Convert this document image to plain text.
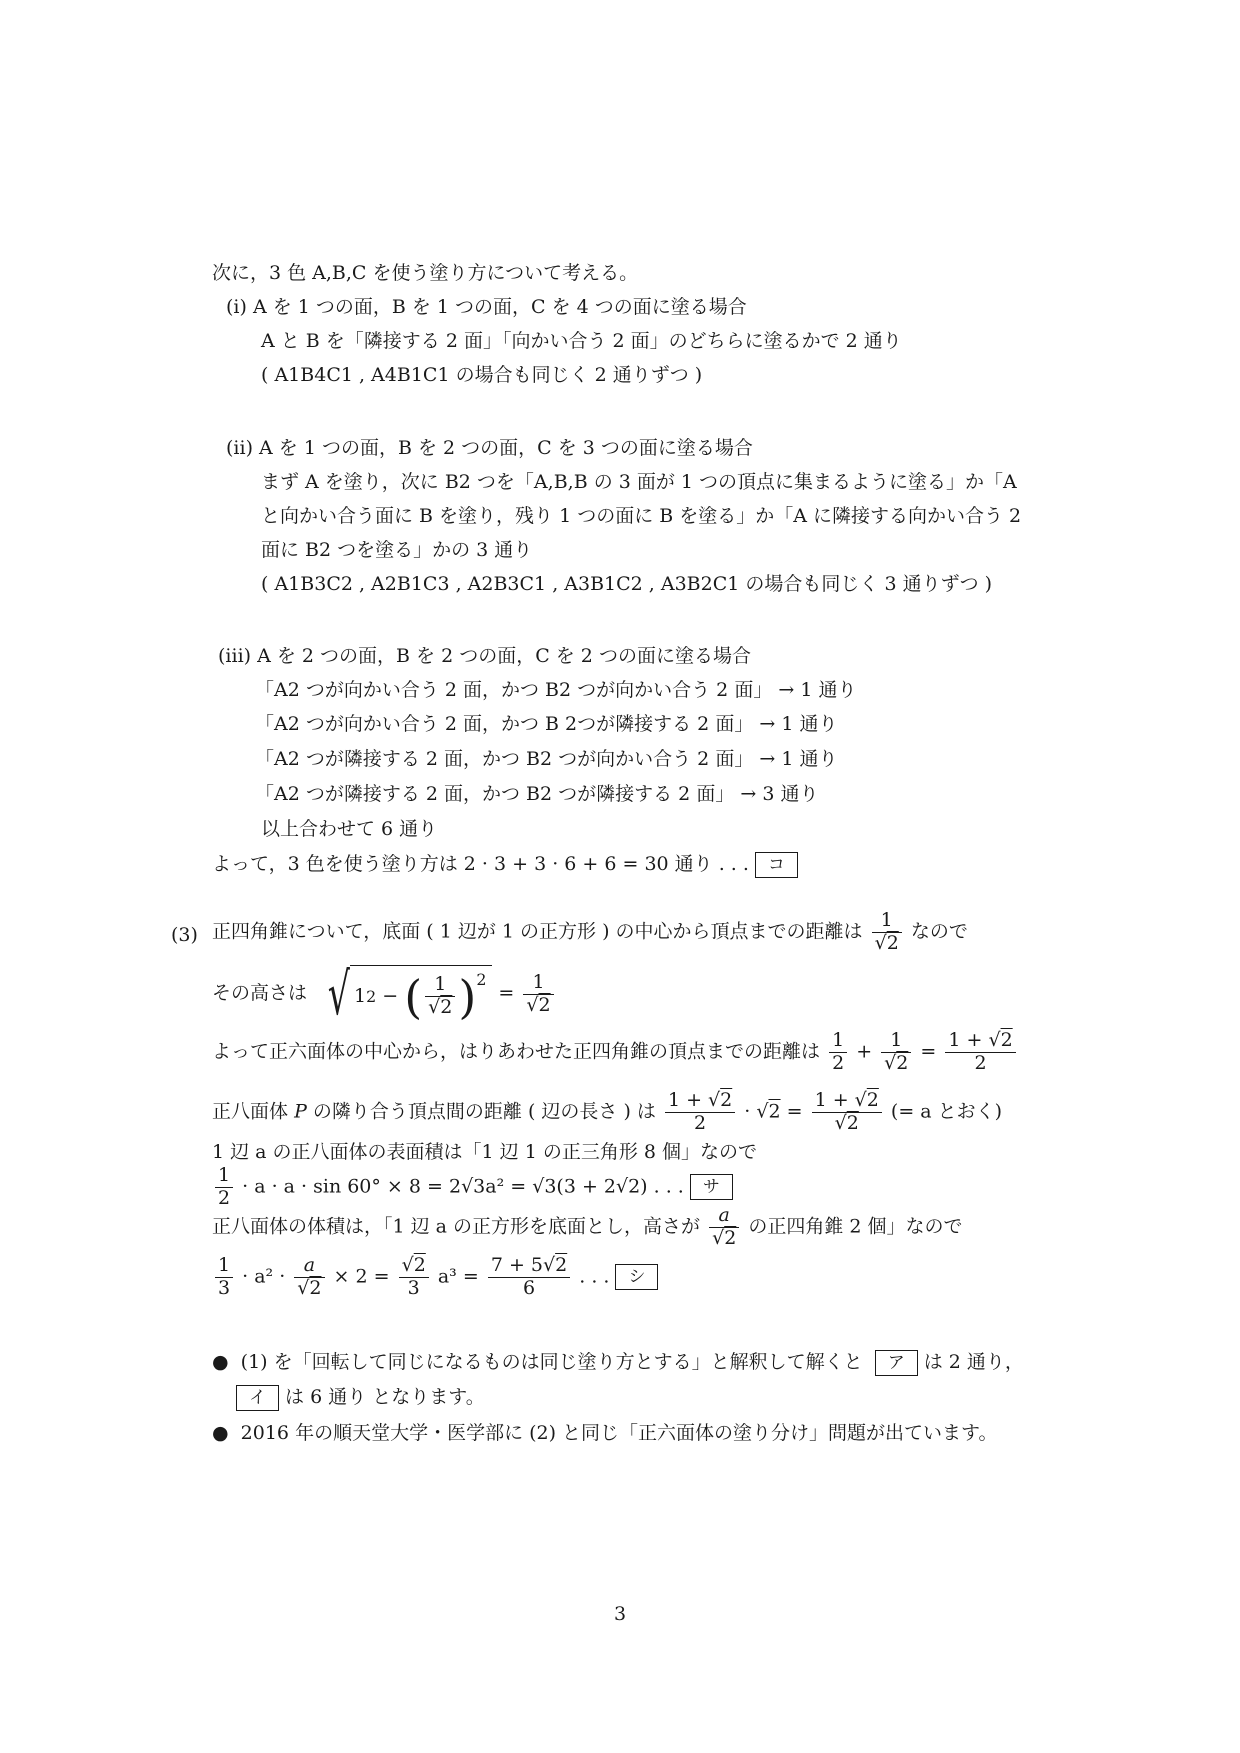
次に，3 色 A,B,C を使う塗り方について考える。
(i) A を 1 つの面，B を 1 つの面，C を 4 つの面に塗る場合
A と B を「隣接する 2 面」「向かい合う 2 面」のどちらに塗るかで 2 通り
( A1B4C1 , A4B1C1 の場合も同じく 2 通りずつ )
(ii) A を 1 つの面，B を 2 つの面，C を 3 つの面に塗る場合
まず A を塗り，次に B2 つを「A,B,B の 3 面が 1 つの頂点に集まるように塗る」か「A
と向かい合う面に B を塗り，残り 1 つの面に B を塗る」か「A に隣接する向かい合う 2
面に B2 つを塗る」かの 3 通り
( A1B3C2 , A2B1C3 , A2B3C1 , A3B1C2 , A3B2C1 の場合も同じく 3 通りずつ )
(iii) A を 2 つの面，B を 2 つの面，C を 2 つの面に塗る場合
「A2 つが向かい合う 2 面，かつ B2 つが向かい合う 2 面」 → 1 通り
「A2 つが向かい合う 2 面，かつ B 2つが隣接する 2 面」 → 1 通り
「A2 つが隣接する 2 面，かつ B2 つが向かい合う 2 面」 → 1 通り
「A2 つが隣接する 2 面，かつ B2 つが隣接する 2 面」 → 3 通り
以上合わせて 6 通り
よって，3 色を使う塗り方は 2 · 3 + 3 · 6 + 6 = 30 通り . . . コ
(3) 正四角錐について，底面 ( 1 辺が 1 の正方形 ) の中心から頂点までの距離は $\frac{1}{√2}$ なので
その高さは √ 1 2 − ( $\frac{1}{√2} )^2$
= $\frac{1}{√2}$
よって正六面体の中心から，はりあわせた正四角錐の頂点までの距離は $\frac{1}{2} + \frac{1}{√2} = \frac{1 + √2}{2}$
正八面体 P の隣り合う頂点間の距離 ( 辺の長さ ) は $\frac{1 + √2}{2} \cdot √2 = \frac{1 + √2}{√2}$ (= a とおく)
1 辺 a の正八面体の表面積は「1 辺 1 の正三角形 8 個」なので
$\frac{1}{2} \cdot a \cdot a \cdot \sin 60^\circ \times 8 = 2√3a^2 = √3(3 + 2√2)$ . . . サ
正八面体の体積は，「1 辺 a の正方形を底面とし，高さが $\frac{a}{√2}$ の正四角錐 2 個」なので
$\frac{1}{3} \cdot a^2 \cdot \frac{a}{√2} \times 2 = \frac{√2}{3} a^3 = \frac{7 + 5√2}{6}$ . . . シ
●  (1) を「回転して同じになるものは同じ塗り方とする」と解釈して解くと ア は 2 通り，
イ は 6 通り となります。
●  2016 年の順天堂大学・医学部に (2) と同じ「正六面体の塗り分け」問題が出ています。
3
